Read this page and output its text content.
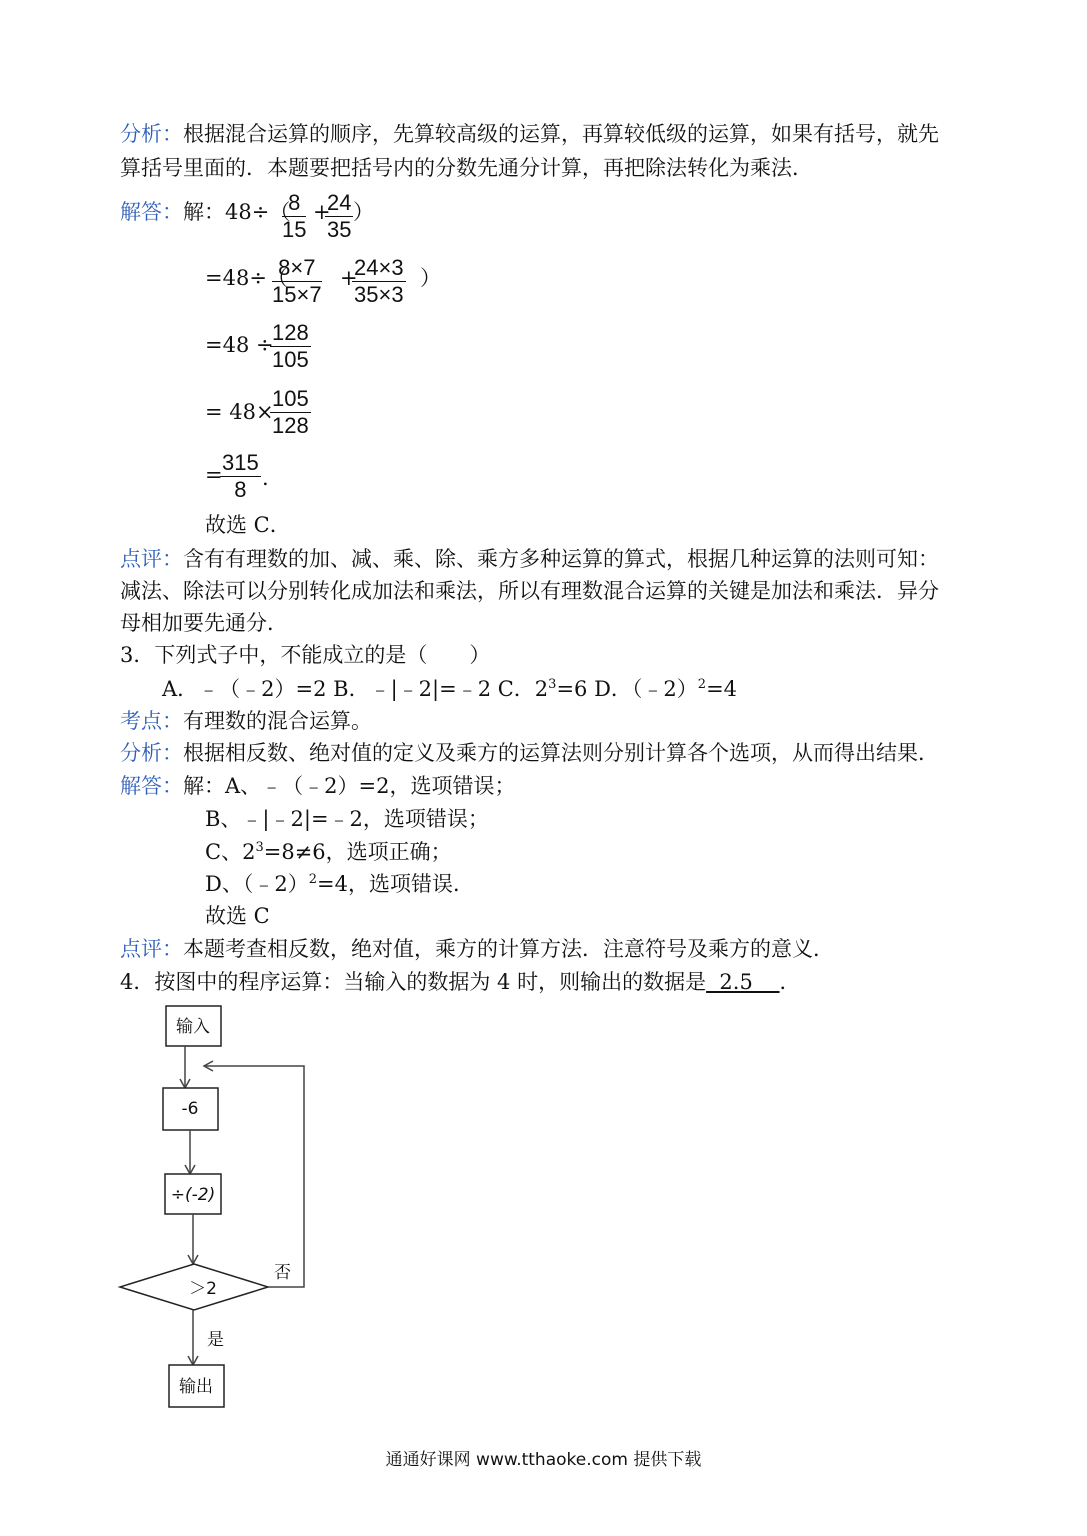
分析：根据混合运算的顺序，先算较高级的运算，再算较低级的运算，如果有括号，就先
算括号里面的．本题要把括号内的分数先通分计算，再把除法转化为乘法．
解答：解：48÷（
$\frac{8}{15}$ +
$\frac{24}{35}$ ）
=48÷（
$\frac{8\times 7}{15\times 7}$ +
$\frac{24\times 3}{35\times 3}$ ）
=48 ÷
$\frac{128}{105}$
= 48×
$\frac{105}{128}$
=
$\frac{315}{8}$ .
故选 C．
点评：含有有理数的加、减、乘、除、乘方多种运算的算式，根据几种运算的法则可知：
减法、除法可以分别转化成加法和乘法，所以有理数混合运算的关键是加法和乘法．异分
母相加要先通分．
3．下列式子中，不能成立的是（　　）
A．﹣（﹣2）=2 B．﹣|﹣2|=﹣2 C．$2^3=6$ D．（﹣2）$^2$=4
考点：有理数的混合运算。
分析：根据相反数、绝对值的定义及乘方的运算法则分别计算各个选项，从而得出结果．
解答：解：A、﹣（﹣2）=2，选项错误；
B、﹣|﹣2|=﹣2，选项错误；
C、$2^3=8\ne 6$，选项正确；
D、（﹣2）$^2$=4，选项错误．
故选 C
点评：本题考查相反数，绝对值，乘方的计算方法．注意符号及乘方的意义．
4．按图中的程序运算：当输入的数据为 4 时，则输出的数据是  2.5    ．
输入
-6
÷(-2)
＞2
否
是
输出
通通好课网 www.tthaoke.com 提供下载
